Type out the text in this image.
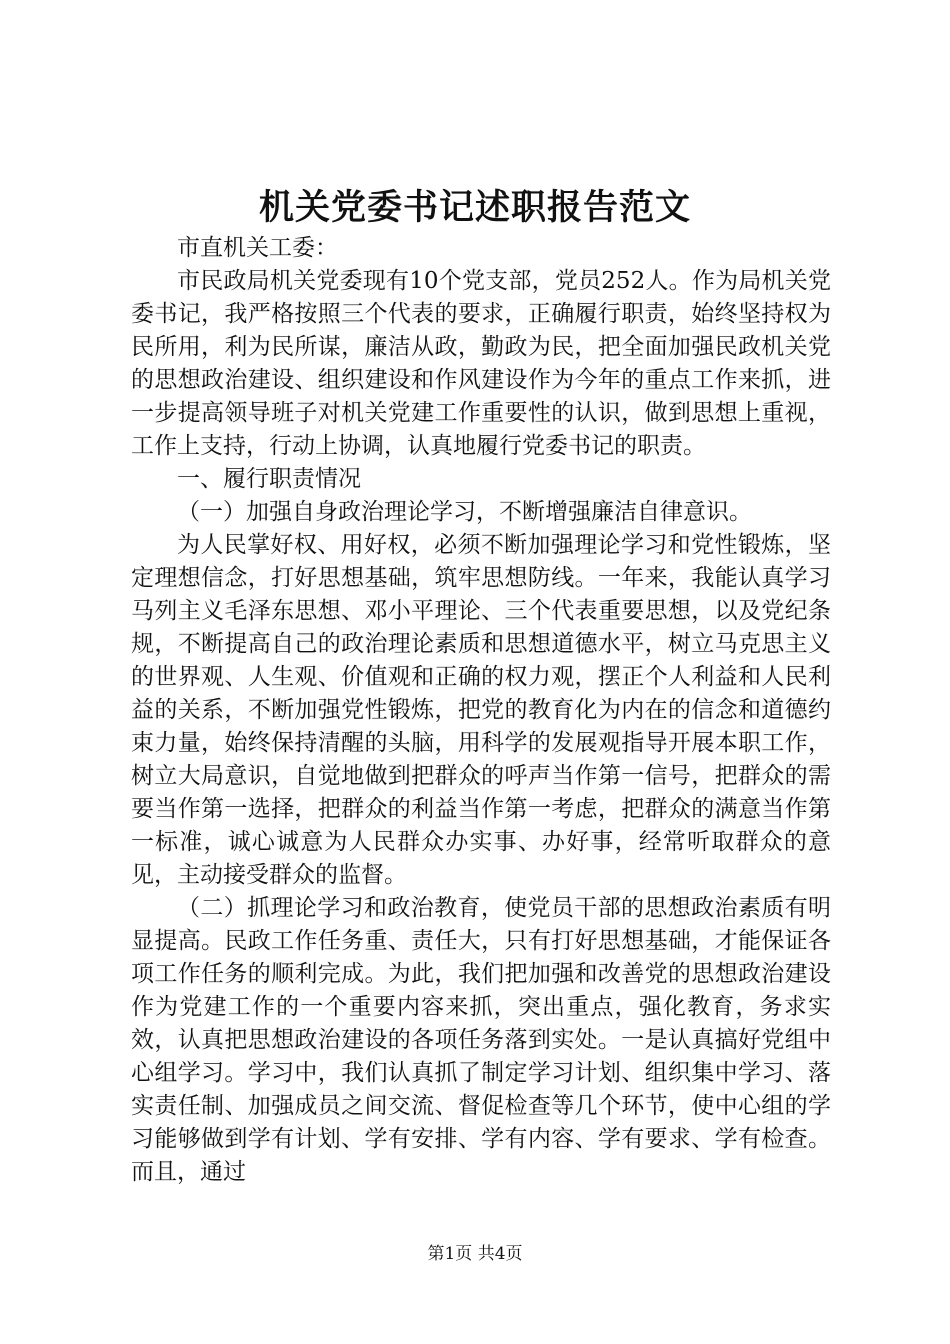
机关党委书记述职报告范文

市直机关工委：

市民政局机关党委现有10个党支部，党员252人。作为局机关党委书记，我严格按照三个代表的要求，正确履行职责，始终坚持权为民所用，利为民所谋，廉洁从政，勤政为民，把全面加强民政机关党的思想政治建设、组织建设和作风建设作为今年的重点工作来抓，进一步提高领导班子对机关党建工作重要性的认识，做到思想上重视，工作上支持，行动上协调，认真地履行党委书记的职责。

一、履行职责情况

（一）加强自身政治理论学习，不断增强廉洁自律意识。

为人民掌好权、用好权，必须不断加强理论学习和党性锻炼，坚定理想信念，打好思想基础，筑牢思想防线。一年来，我能认真学习马列主义毛泽东思想、邓小平理论、三个代表重要思想，以及党纪条规，不断提高自己的政治理论素质和思想道德水平，树立马克思主义的世界观、人生观、价值观和正确的权力观，摆正个人利益和人民利益的关系，不断加强党性锻炼，把党的教育化为内在的信念和道德约束力量，始终保持清醒的头脑，用科学的发展观指导开展本职工作，树立大局意识，自觉地做到把群众的呼声当作第一信号，把群众的需要当作第一选择，把群众的利益当作第一考虑，把群众的满意当作第一标准，诚心诚意为人民群众办实事、办好事，经常听取群众的意见，主动接受群众的监督。

（二）抓理论学习和政治教育，使党员干部的思想政治素质有明显提高。民政工作任务重、责任大，只有打好思想基础，才能保证各项工作任务的顺利完成。为此，我们把加强和改善党的思想政治建设作为党建工作的一个重要内容来抓，突出重点，强化教育，务求实效，认真把思想政治建设的各项任务落到实处。一是认真搞好党组中心组学习。学习中，我们认真抓了制定学习计划、组织集中学习、落实责任制、加强成员之间交流、督促检查等几个环节，使中心组的学习能够做到学有计划、学有安排、学有内容、学有要求、学有检查。而且，通过

第1页 共4页
